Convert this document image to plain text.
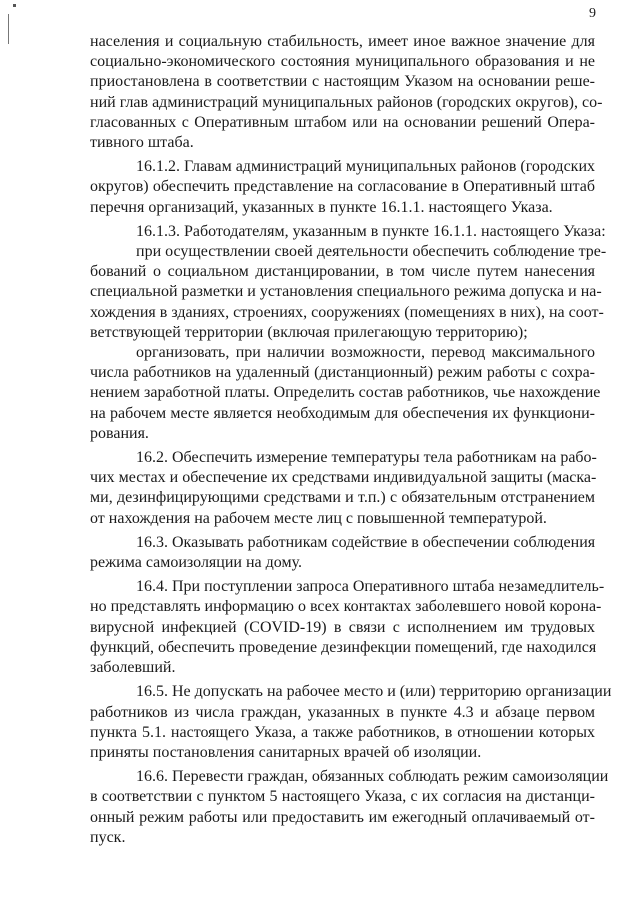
9
населения и социальную стабильность, имеет иное важное значение для
социально-экономического состояния муниципального образования и не
приостановлена в соответствии с настоящим Указом на основании реше-
ний глав администраций муниципальных районов (городских округов), со-
гласованных с Оперативным штабом или на основании решений Опера-
тивного штаба.
16.1.2. Главам администраций муниципальных районов (городских
округов) обеспечить представление на согласование в Оперативный штаб
перечня организаций, указанных в пункте 16.1.1. настоящего Указа.
16.1.3. Работодателям, указанным в пункте 16.1.1. настоящего Указа:
при осуществлении своей деятельности обеспечить соблюдение тре-
бований о социальном дистанцировании, в том числе путем нанесения
специальной разметки и установления специального режима допуска и на-
хождения в зданиях, строениях, сооружениях (помещениях в них), на соот-
ветствующей территории (включая прилегающую территорию);
организовать, при наличии возможности, перевод максимального
числа работников на удаленный (дистанционный) режим работы с сохра-
нением заработной платы. Определить состав работников, чье нахождение
на рабочем месте является необходимым для обеспечения их функциони-
рования.
16.2. Обеспечить измерение температуры тела работникам на рабо-
чих местах и обеспечение их средствами индивидуальной защиты (маска-
ми, дезинфицирующими средствами и т.п.) с обязательным отстранением
от нахождения на рабочем месте лиц с повышенной температурой.
16.3. Оказывать работникам содействие в обеспечении соблюдения
режима самоизоляции на дому.
16.4. При поступлении запроса Оперативного штаба незамедлитель-
но представлять информацию о всех контактах заболевшего новой корона-
вирусной инфекцией (COVID-19) в связи с исполнением им трудовых
функций, обеспечить проведение дезинфекции помещений, где находился
заболевший.
16.5. Не допускать на рабочее место и (или) территорию организации
работников из числа граждан, указанных в пункте 4.3 и абзаце первом
пункта 5.1. настоящего Указа, а также работников, в отношении которых
приняты постановления санитарных врачей об изоляции.
16.6. Перевести граждан, обязанных соблюдать режим самоизоляции
в соответствии с пунктом 5 настоящего Указа, с их согласия на дистанци-
онный режим работы или предоставить им ежегодный оплачиваемый от-
пуск.
